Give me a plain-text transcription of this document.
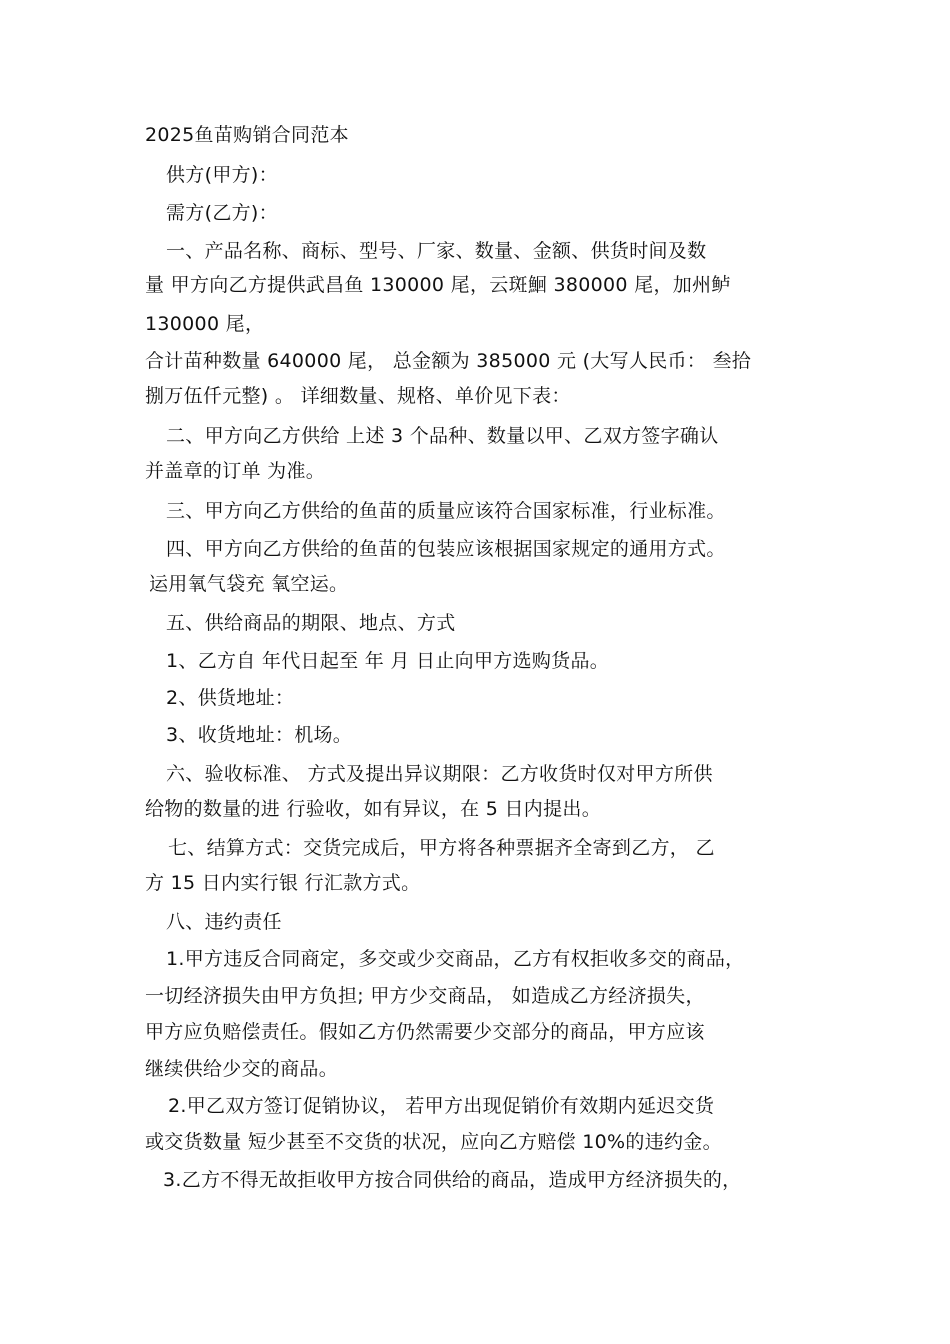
2025鱼苗购销合同范本
供方(甲方)：
需方(乙方)：
一、产品名称、商标、型号、厂家、数量、金额、供货时间及数
量 甲方向乙方提供武昌鱼 130000 尾，云斑鮰 380000 尾，加州鲈
130000 尾，
合计苗种数量 640000 尾， 总金额为 385000 元 (大写人民币： 叁拾
捌万伍仟元整) 。 详细数量、规格、单价见下表：
二、甲方向乙方供给 上述 3 个品种、数量以甲、乙双方签字确认
并盖章的订单 为准。
三、甲方向乙方供给的鱼苗的质量应该符合国家标准，行业标准。
四、甲方向乙方供给的鱼苗的包装应该根据国家规定的通用方式。
运用氧气袋充 氧空运。
五、供给商品的期限、地点、方式
1、乙方自 年代日起至 年 月 日止向甲方选购货品。
2、供货地址：
3、收货地址：机场。
六、验收标准、 方式及提出异议期限：乙方收货时仅对甲方所供
给物的数量的进 行验收，如有异议，在 5 日内提出。
七、结算方式：交货完成后，甲方将各种票据齐全寄到乙方， 乙
方 15 日内实行银 行汇款方式。
八、违约责任
1.甲方违反合同商定，多交或少交商品，乙方有权拒收多交的商品，
一切经济损失由甲方负担; 甲方少交商品， 如造成乙方经济损失，
甲方应负赔偿责任。假如乙方仍然需要少交部分的商品，甲方应该
继续供给少交的商品。
2.甲乙双方签订促销协议， 若甲方出现促销价有效期内延迟交货
或交货数量 短少甚至不交货的状况，应向乙方赔偿 10%的违约金。
3.乙方不得无故拒收甲方按合同供给的商品，造成甲方经济损失的，
